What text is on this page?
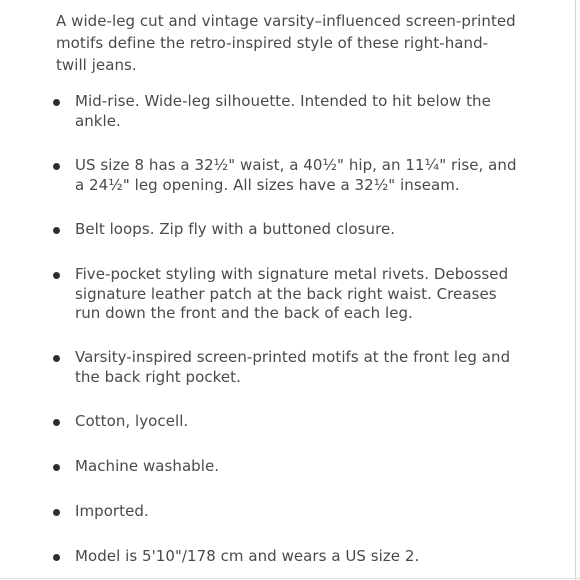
A wide-leg cut and vintage varsity–influenced screen-printed motifs define the retro-inspired style of these right-hand-twill jeans.

Mid-rise. Wide-leg silhouette. Intended to hit below the ankle.
US size 8 has a 32½" waist, a 40½" hip, an 11¼" rise, and a 24½" leg opening. All sizes have a 32½" inseam.
Belt loops. Zip fly with a buttoned closure.
Five-pocket styling with signature metal rivets. Debossed signature leather patch at the back right waist. Creases run down the front and the back of each leg.
Varsity-inspired screen-printed motifs at the front leg and the back right pocket.
Cotton, lyocell.
Machine washable.
Imported.
Model is 5'10"/178 cm and wears a US size 2.
